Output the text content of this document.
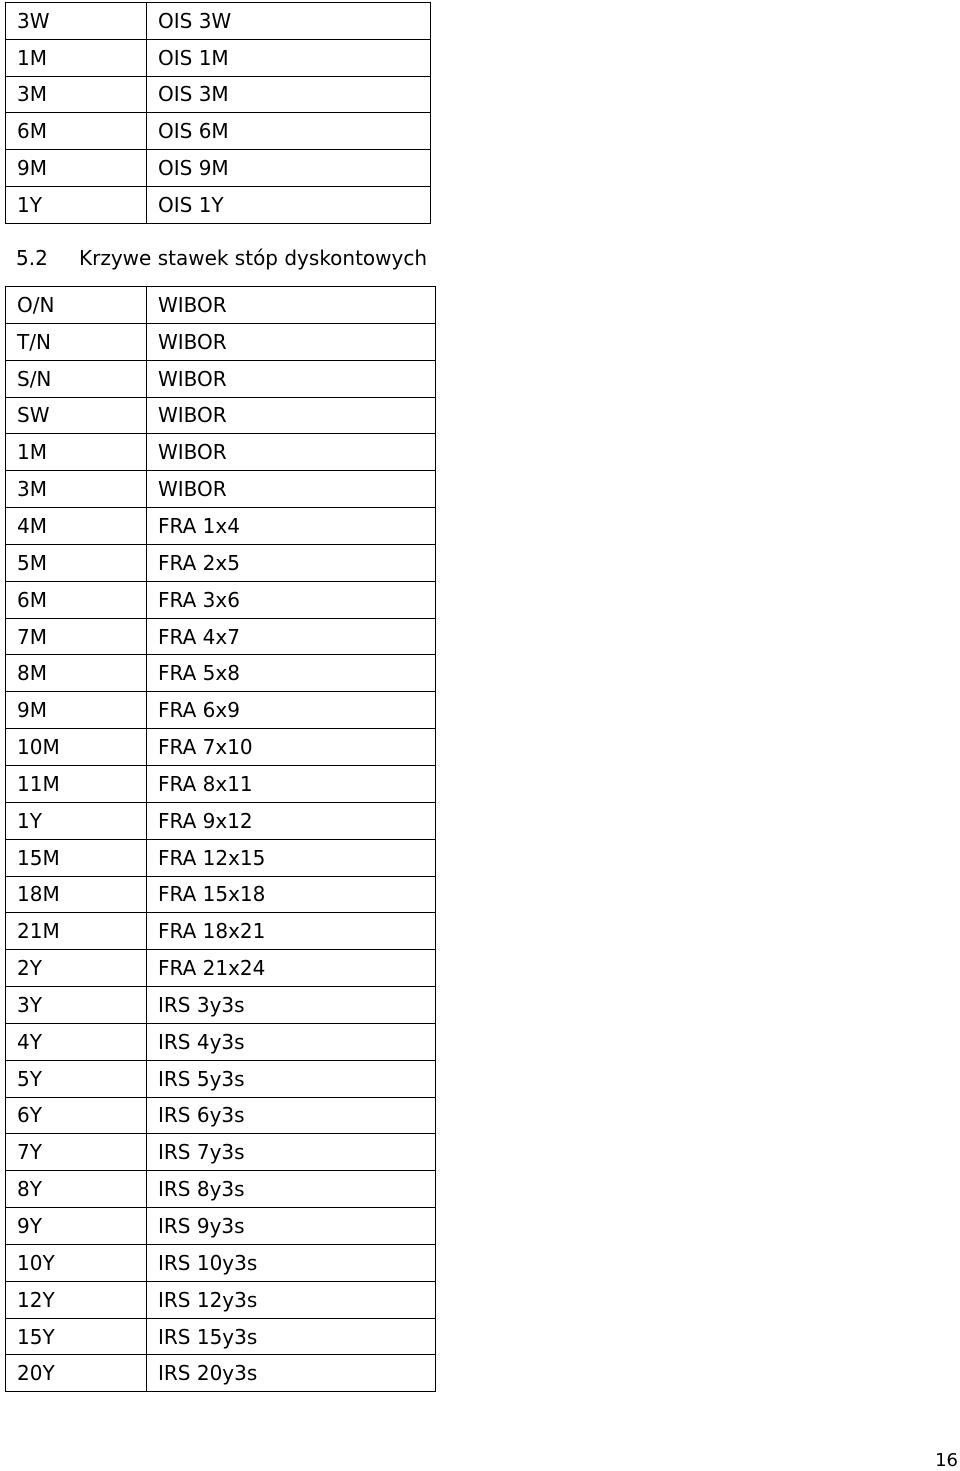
3W	OIS 3W
1M	OIS 1M
3M	OIS 3M
6M	OIS 6M
9M	OIS 9M
1Y	OIS 1Y
5.2 Krzywe stawek stóp dyskontowych
O/N	WIBOR
T/N	WIBOR
S/N	WIBOR
SW	WIBOR
1M	WIBOR
3M	WIBOR
4M	FRA 1x4
5M	FRA 2x5
6M	FRA 3x6
7M	FRA 4x7
8M	FRA 5x8
9M	FRA 6x9
10M	FRA 7x10
11M	FRA 8x11
1Y	FRA 9x12
15M	FRA 12x15
18M	FRA 15x18
21M	FRA 18x21
2Y	FRA 21x24
3Y	IRS 3y3s
4Y	IRS 4y3s
5Y	IRS 5y3s
6Y	IRS 6y3s
7Y	IRS 7y3s
8Y	IRS 8y3s
9Y	IRS 9y3s
10Y	IRS 10y3s
12Y	IRS 12y3s
15Y	IRS 15y3s
20Y	IRS 20y3s
16
